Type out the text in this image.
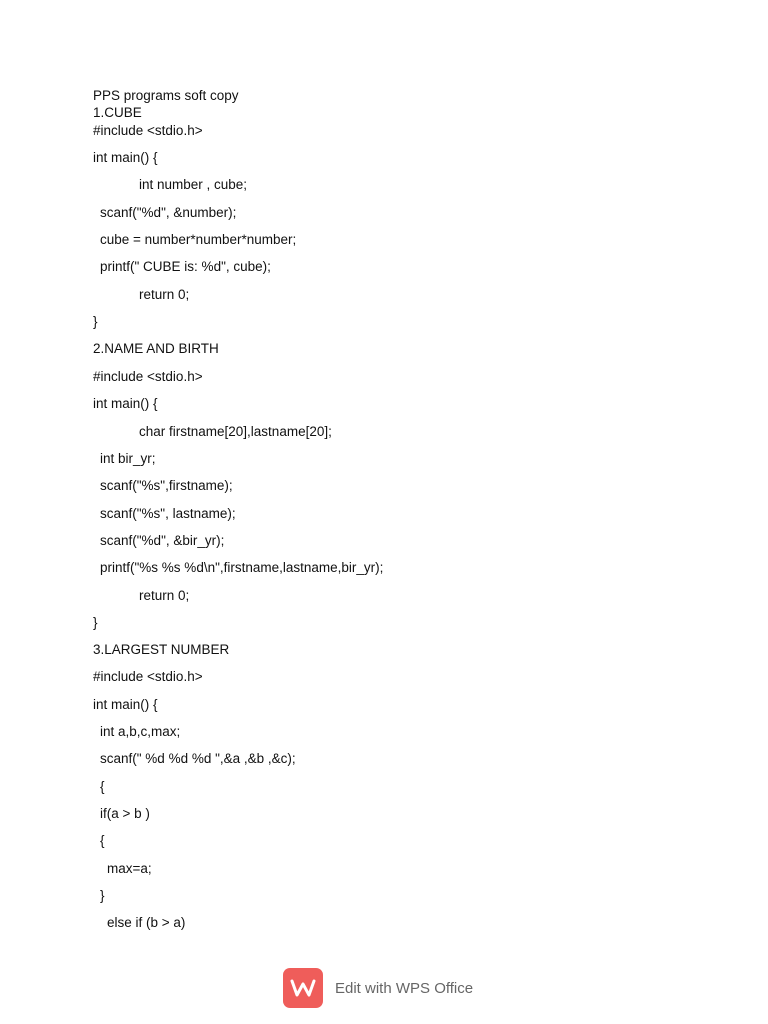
PPS programs soft copy
1.CUBE
#include <stdio.h>
int main() {
int number , cube;
scanf("%d", &number);
cube = number*number*number;
printf(" CUBE is: %d", cube);
return 0;
}
2.NAME AND BIRTH
#include <stdio.h>
int main() {
char firstname[20],lastname[20];
int bir_yr;
scanf("%s",firstname);
scanf("%s", lastname);
scanf("%d", &bir_yr);
printf("%s %s %d\n",firstname,lastname,bir_yr);
return 0;
}
3.LARGEST NUMBER
#include <stdio.h>
int main() {
int a,b,c,max;
scanf(" %d %d %d ",&a ,&b ,&c);
{
if(a > b )
{
max=a;
}
else if (b > a)
Edit with WPS Office
